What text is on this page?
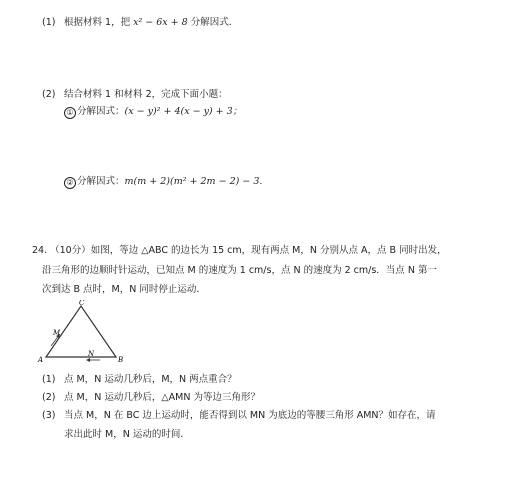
(1) 根据材料 1，把 x² − 6x + 8 分解因式．
(2) 结合材料 1 和材料 2，完成下面小题：
① 分解因式：(x − y)² + 4(x − y) + 3；
② 分解因式：m(m + 2)(m² + 2m − 2) − 3.
24. （10分）如图，等边 △ABC 的边长为 15 cm，现有两点 M，N 分别从点 A，点 B 同时出发，
沿三角形的边顺时针运动，已知点 M 的速度为 1 cm/s，点 N 的速度为 2 cm/s．当点 N 第一
次到达 B 点时，M，N 同时停止运动．
A	B
C
M
N
(1) 点 M，N 运动几秒后，M，N 两点重合？
(2) 点 M，N 运动几秒后，△AMN 为等边三角形？
(3) 当点 M，N 在 BC 边上运动时，能否得到以 MN 为底边的等腰三角形 AMN？如存在，请
求出此时 M，N 运动的时间．
